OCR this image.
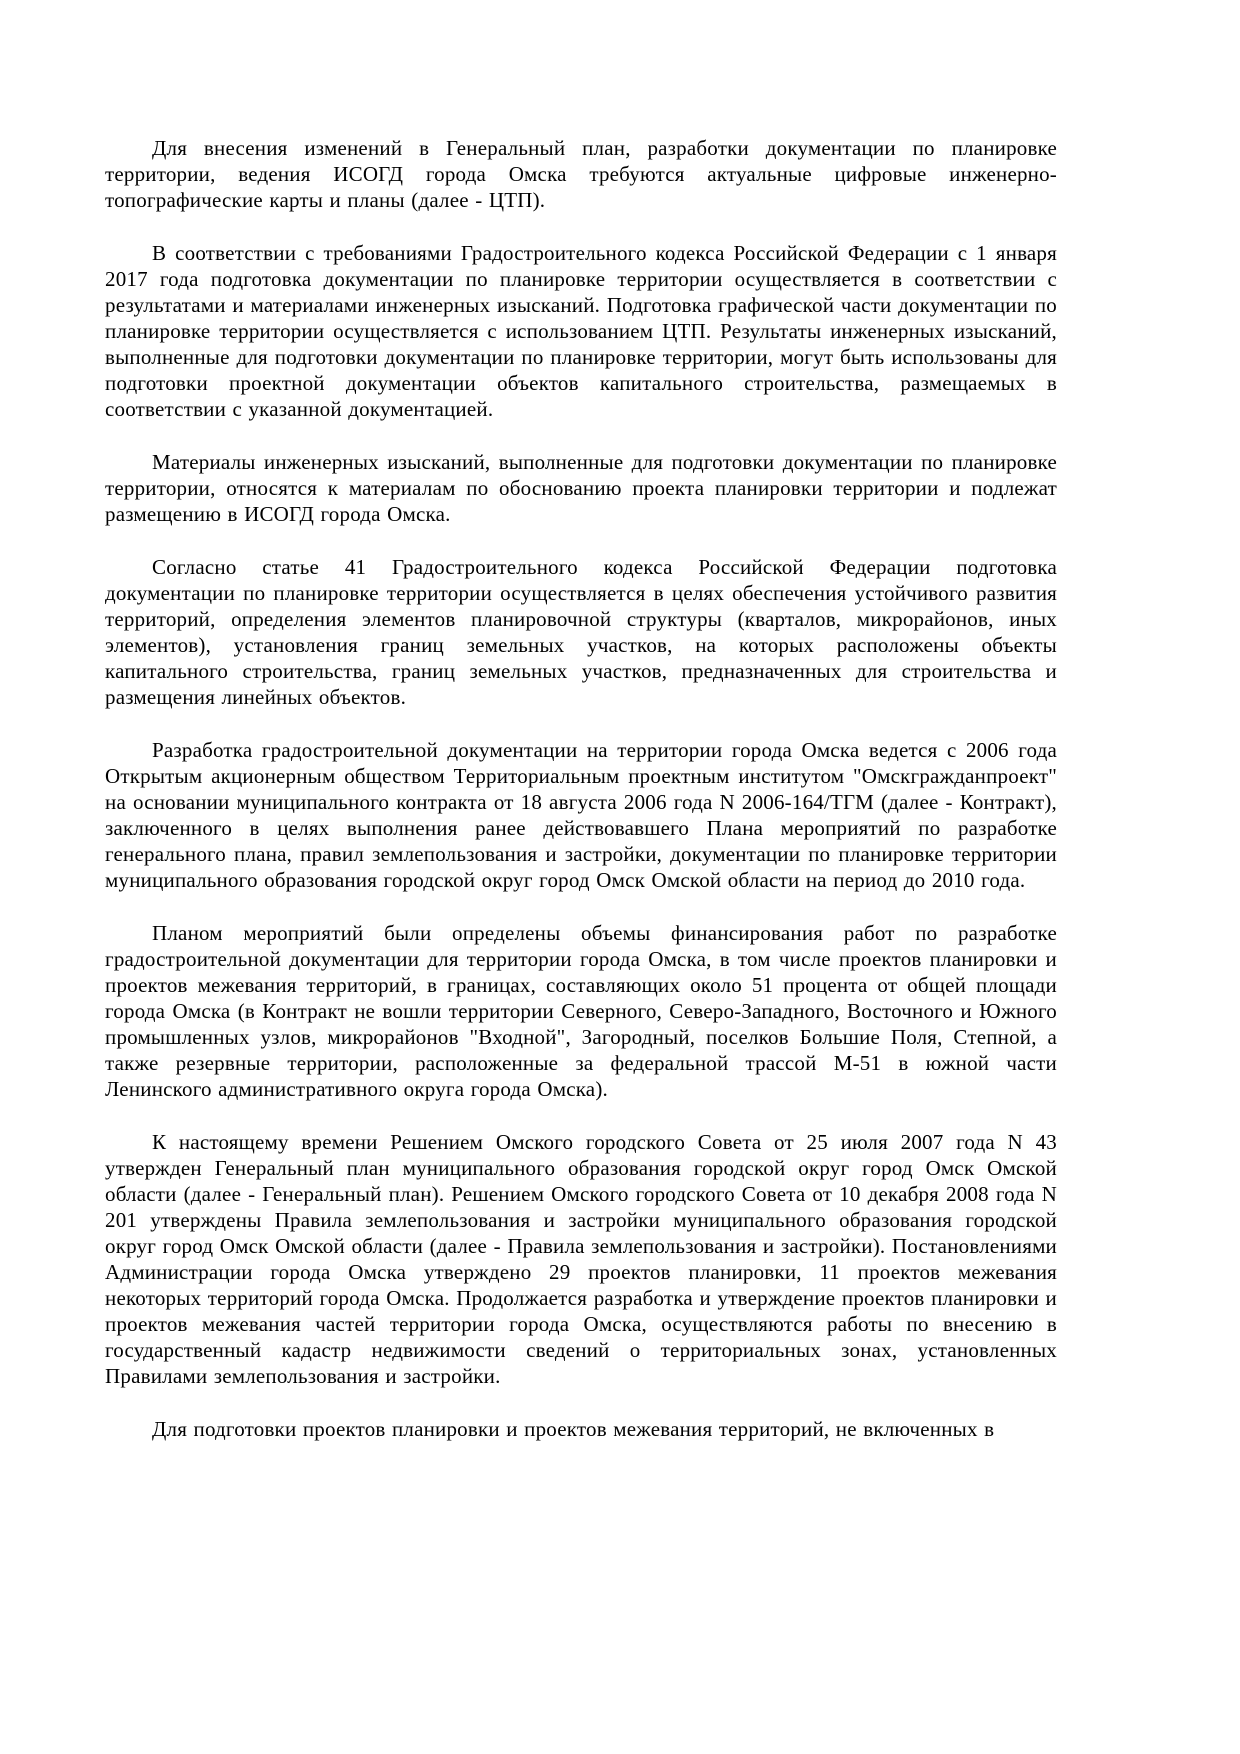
Для внесения изменений в Генеральный план, разработки документации по планировке территории, ведения ИСОГД города Омска требуются актуальные цифровые инженерно-топографические карты и планы (далее - ЦТП).

В соответствии с требованиями Градостроительного кодекса Российской Федерации с 1 января 2017 года подготовка документации по планировке территории осуществляется в соответствии с результатами и материалами инженерных изысканий. Подготовка графической части документации по планировке территории осуществляется с использованием ЦТП. Результаты инженерных изысканий, выполненные для подготовки документации по планировке территории, могут быть использованы для подготовки проектной документации объектов капитального строительства, размещаемых в соответствии с указанной документацией.

Материалы инженерных изысканий, выполненные для подготовки документации по планировке территории, относятся к материалам по обоснованию проекта планировки территории и подлежат размещению в ИСОГД города Омска.

Согласно статье 41 Градостроительного кодекса Российской Федерации подготовка документации по планировке территории осуществляется в целях обеспечения устойчивого развития территорий, определения элементов планировочной структуры (кварталов, микрорайонов, иных элементов), установления границ земельных участков, на которых расположены объекты капитального строительства, границ земельных участков, предназначенных для строительства и размещения линейных объектов.

Разработка градостроительной документации на территории города Омска ведется с 2006 года Открытым акционерным обществом Территориальным проектным институтом "Омскгражданпроект" на основании муниципального контракта от 18 августа 2006 года N 2006-164/ТГМ (далее - Контракт), заключенного в целях выполнения ранее действовавшего Плана мероприятий по разработке генерального плана, правил землепользования и застройки, документации по планировке территории муниципального образования городской округ город Омск Омской области на период до 2010 года.

Планом мероприятий были определены объемы финансирования работ по разработке градостроительной документации для территории города Омска, в том числе проектов планировки и проектов межевания территорий, в границах, составляющих около 51 процента от общей площади города Омска (в Контракт не вошли территории Северного, Северо-Западного, Восточного и Южного промышленных узлов, микрорайонов "Входной", Загородный, поселков Большие Поля, Степной, а также резервные территории, расположенные за федеральной трассой М-51 в южной части Ленинского административного округа города Омска).

К настоящему времени Решением Омского городского Совета от 25 июля 2007 года N 43 утвержден Генеральный план муниципального образования городской округ город Омск Омской области (далее - Генеральный план). Решением Омского городского Совета от 10 декабря 2008 года N 201 утверждены Правила землепользования и застройки муниципального образования городской округ город Омск Омской области (далее - Правила землепользования и застройки). Постановлениями Администрации города Омска утверждено 29 проектов планировки, 11 проектов межевания некоторых территорий города Омска. Продолжается разработка и утверждение проектов планировки и проектов межевания частей территории города Омска, осуществляются работы по внесению в государственный кадастр недвижимости сведений о территориальных зонах, установленных Правилами землепользования и застройки.

Для подготовки проектов планировки и проектов межевания территорий, не включенных в
